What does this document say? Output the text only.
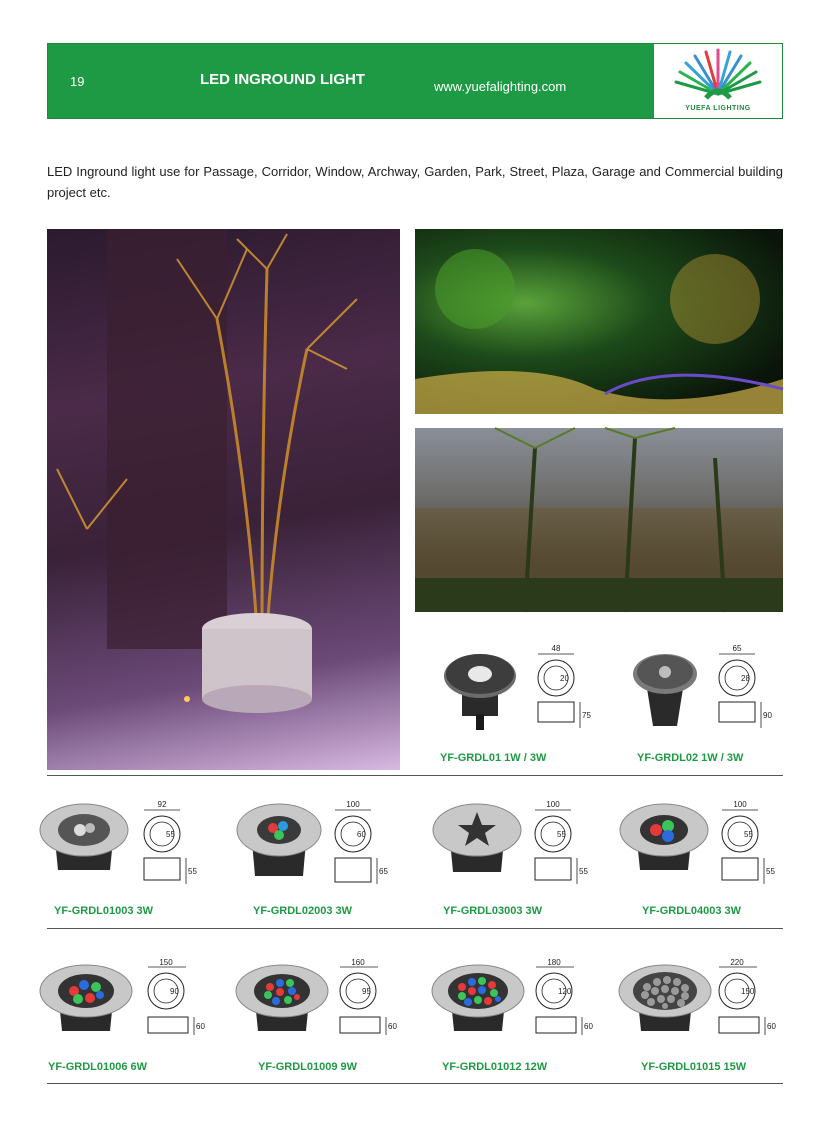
19	LED INGROUND LIGHT	www.yuefalighting.com
YUEFA LIGHTING
LED Inground light use for Passage, Corridor, Window, Archway, Garden, Park, Street, Plaza, Garage and Commercial building project etc.
48
20
75
YF-GRDL01 1W / 3W
65
28
90
YF-GRDL02 1W / 3W
92
55
55
YF-GRDL01003 3W
100
60
65
YF-GRDL02003 3W
100
55
55
YF-GRDL03003 3W
100
55
55
YF-GRDL04003 3W
150
90
60
YF-GRDL01006 6W
160
95
60
YF-GRDL01009 9W
180
120
60
YF-GRDL01012 12W
220
150
60
YF-GRDL01015 15W
